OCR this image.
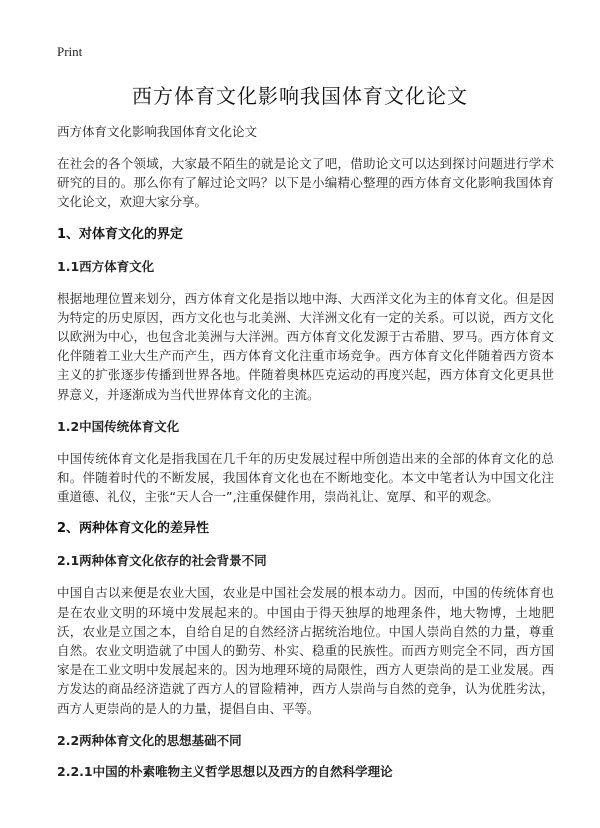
Print
西方体育文化影响我国体育文化论文

西方体育文化影响我国体育文化论文

在社会的各个领域，大家最不陌生的就是论文了吧，借助论文可以达到探讨问题进行学术研究的目的。那么你有了解过论文吗？以下是小编精心整理的西方体育文化影响我国体育文化论文，欢迎大家分享。

1、对体育文化的界定
1.1西方体育文化

根据地理位置来划分，西方体育文化是指以地中海、大西洋文化为主的体育文化。但是因为特定的历史原因，西方文化也与北美洲、大洋洲文化有一定的关系。可以说，西方文化以欧洲为中心，也包含北美洲与大洋洲。西方体育文化发源于古希腊、罗马。西方体育文化伴随着工业大生产而产生，西方体育文化注重市场竞争。西方体育文化伴随着西方资本主义的扩张逐步传播到世界各地。伴随着奥林匹克运动的再度兴起，西方体育文化更具世界意义，并逐渐成为当代世界体育文化的主流。

1.2中国传统体育文化

中国传统体育文化是指我国在几千年的历史发展过程中所创造出来的全部的体育文化的总和。伴随着时代的不断发展，我国体育文化也在不断地变化。本文中笔者认为中国文化注重道德、礼仪，主张“天人合一”,注重保健作用，崇尚礼让、宽厚、和平的观念。

2、两种体育文化的差异性
2.1两种体育文化依存的社会背景不同

中国自古以来便是农业大国，农业是中国社会发展的根本动力。因而，中国的传统体育也是在农业文明的环境中发展起来的。中国由于得天独厚的地理条件，地大物博，土地肥沃，农业是立国之本，自给自足的自然经济占据统治地位。中国人崇尚自然的力量，尊重自然。农业文明造就了中国人的勤劳、朴实、稳重的民族性。而西方则完全不同，西方国家是在工业文明中发展起来的。因为地理环境的局限性，西方人更崇尚的是工业发展。西方发达的商品经济造就了西方人的冒险精神，西方人崇尚与自然的竞争，认为优胜劣汰，西方人更崇尚的是人的力量，提倡自由、平等。

2.2两种体育文化的思想基础不同
2.2.1中国的朴素唯物主义哲学思想以及西方的自然科学理论
